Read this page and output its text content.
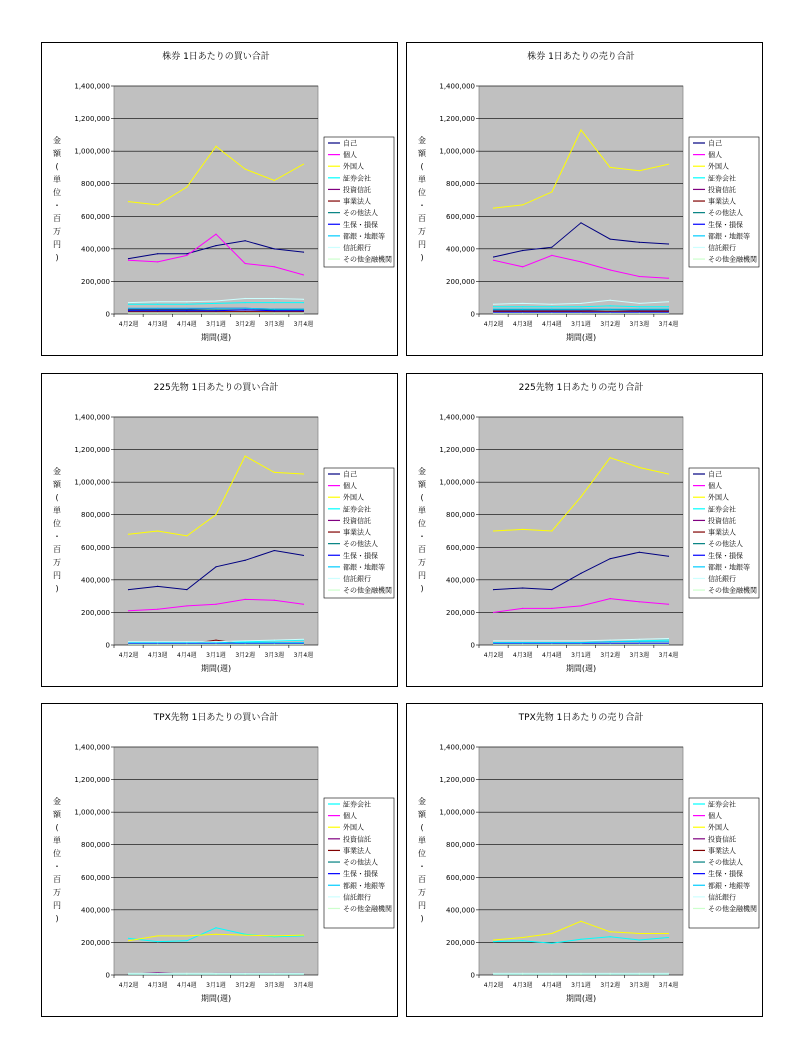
株券 1日あたりの買い合計
0
200,000
400,000
600,000
800,000
1,000,000
1,200,000
1,400,000
4月2週 4月3週 4月4週 3月1週 3月2週 3月3週 3月4週
期間(週)
金額(単位・百万円)
自己
個人
外国人
証券会社
投資信託
事業法人
その他法人
生保・損保
都銀・地銀等
信託銀行
その他金融機関
株券 1日あたりの売り合計
0
200,000
400,000
600,000
800,000
1,000,000
1,200,000
1,400,000
4月2週 4月3週 4月4週 3月1週 3月2週 3月3週 3月4週
期間(週)
金額(単位・百万円)
自己
個人
外国人
証券会社
投資信託
事業法人
その他法人
生保・損保
都銀・地銀等
信託銀行
その他金融機関
225先物 1日あたりの買い合計
0
200,000
400,000
600,000
800,000
1,000,000
1,200,000
1,400,000
4月2週 4月3週 4月4週 3月1週 3月2週 3月3週 3月4週
期間(週)
金額(単位・百万円)
自己
個人
外国人
証券会社
投資信託
事業法人
その他法人
生保・損保
都銀・地銀等
信託銀行
その他金融機関
225先物 1日あたりの売り合計
0
200,000
400,000
600,000
800,000
1,000,000
1,200,000
1,400,000
4月2週 4月3週 4月4週 3月1週 3月2週 3月3週 3月4週
期間(週)
金額(単位・百万円)
自己
個人
外国人
証券会社
投資信託
事業法人
その他法人
生保・損保
都銀・地銀等
信託銀行
その他金融機関
TPX先物 1日あたりの買い合計
0
200,000
400,000
600,000
800,000
1,000,000
1,200,000
1,400,000
4月2週 4月3週 4月4週 3月1週 3月2週 3月3週 3月4週
期間(週)
金額(単位・百万円)
証券会社
個人
外国人
投資信託
事業法人
その他法人
生保・損保
都銀・地銀等
信託銀行
その他金融機関
TPX先物 1日あたりの売り合計
0
200,000
400,000
600,000
800,000
1,000,000
1,200,000
1,400,000
4月2週 4月3週 4月4週 3月1週 3月2週 3月3週 3月4週
期間(週)
金額(単位・百万円)
証券会社
個人
外国人
投資信託
事業法人
その他法人
生保・損保
都銀・地銀等
信託銀行
その他金融機関
